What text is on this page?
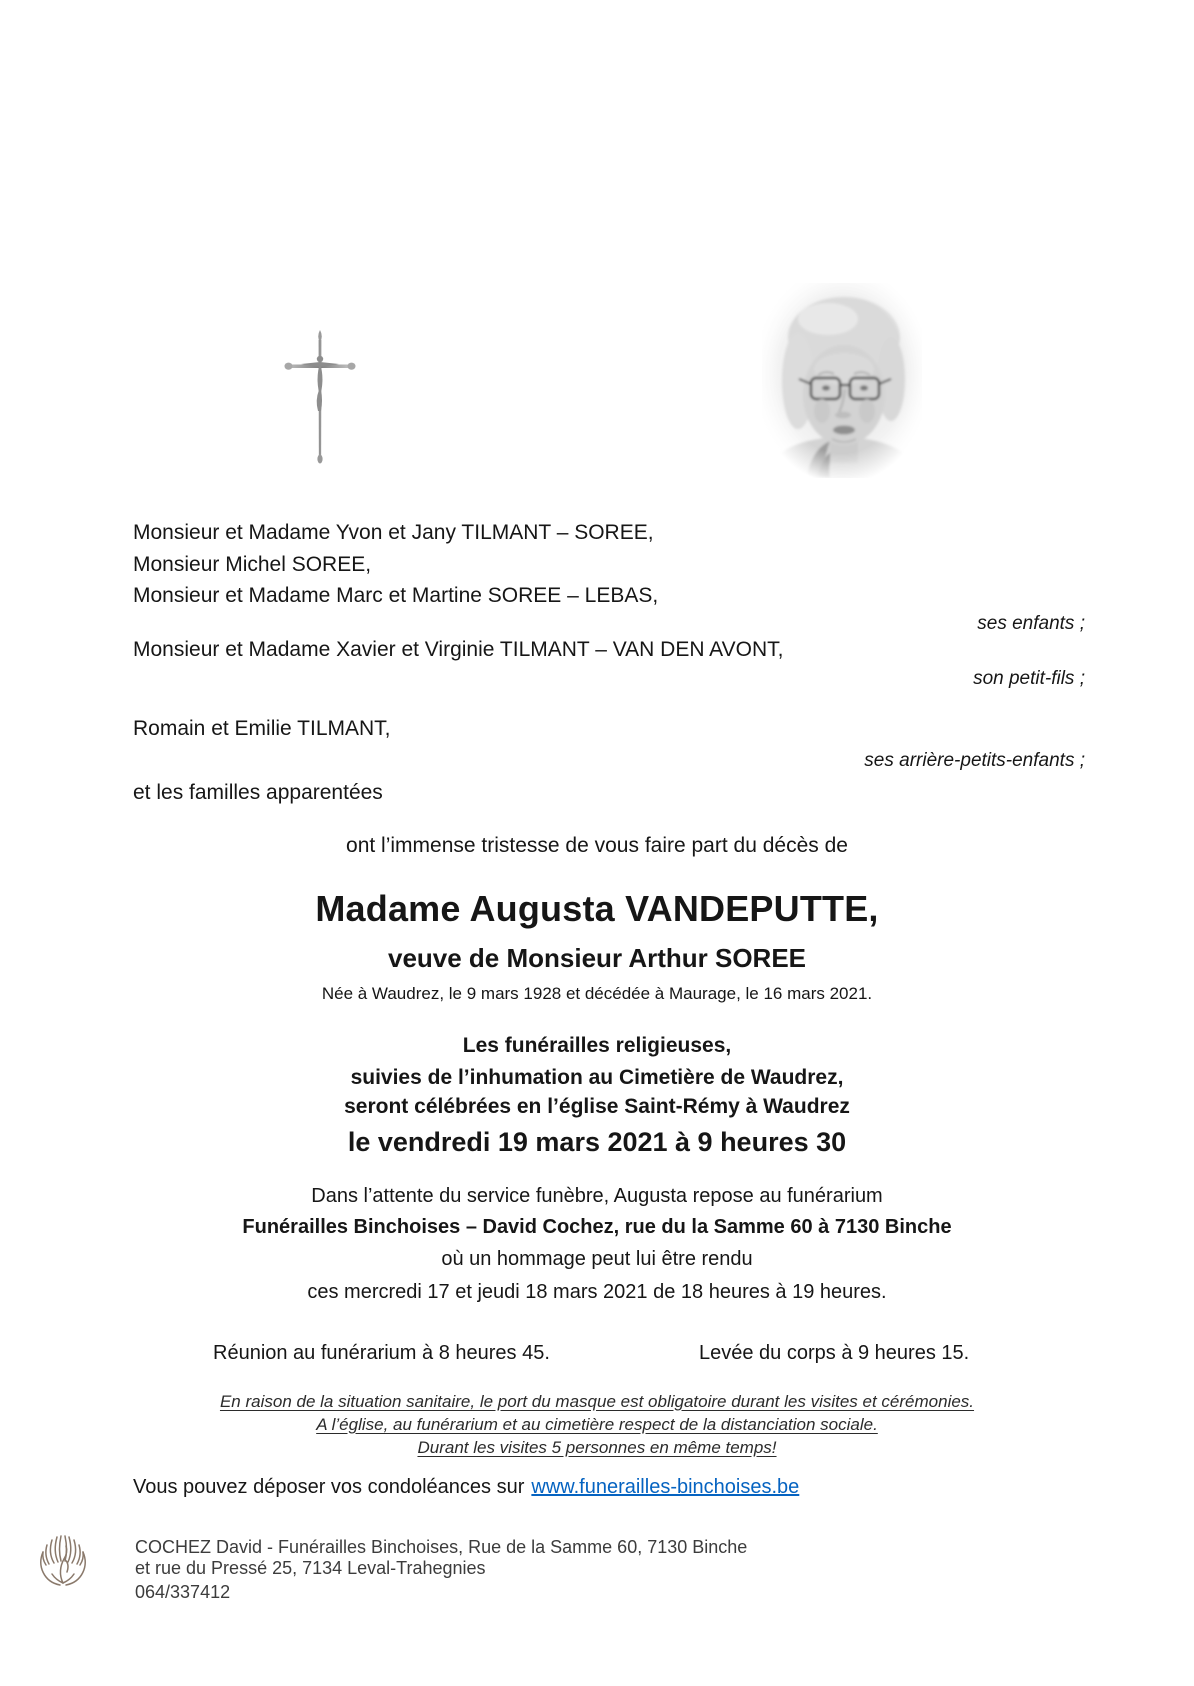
Monsieur et Madame Yvon et Jany TILMANT – SOREE,
Monsieur Michel SOREE,
Monsieur et Madame Marc et Martine SOREE – LEBAS,
ses enfants ;
Monsieur et Madame Xavier et Virginie TILMANT – VAN DEN AVONT,
son petit-fils ;
Romain et Emilie TILMANT,
ses arrière-petits-enfants ;
et les familles apparentées
ont l’immense tristesse de vous faire part du décès de
Madame Augusta VANDEPUTTE,
veuve de Monsieur Arthur SOREE
Née à Waudrez, le 9 mars 1928 et décédée à Maurage, le 16 mars 2021.
Les funérailles religieuses,
suivies de l’inhumation au Cimetière de Waudrez,
seront célébrées en l’église Saint-Rémy à Waudrez
le vendredi 19 mars 2021 à 9 heures 30
Dans l’attente du service funèbre, Augusta repose au funérarium
Funérailles Binchoises – David Cochez, rue du la Samme 60 à 7130 Binche
où un hommage peut lui être rendu
ces mercredi 17 et jeudi 18 mars 2021 de 18 heures à 19 heures.
Réunion au funérarium à 8 heures 45.	Levée du corps à 9 heures 15.
En raison de la situation sanitaire, le port du masque est obligatoire durant les visites et cérémonies.
A l’église, au funérarium et au cimetière respect de la distanciation sociale.
Durant les visites 5 personnes en même temps!
Vous pouvez déposer vos condoléances sur www.funerailles-binchoises.be
COCHEZ David - Funérailles Binchoises, Rue de la Samme 60, 7130 Binche
et rue du Pressé 25, 7134 Leval-Trahegnies
064/337412
